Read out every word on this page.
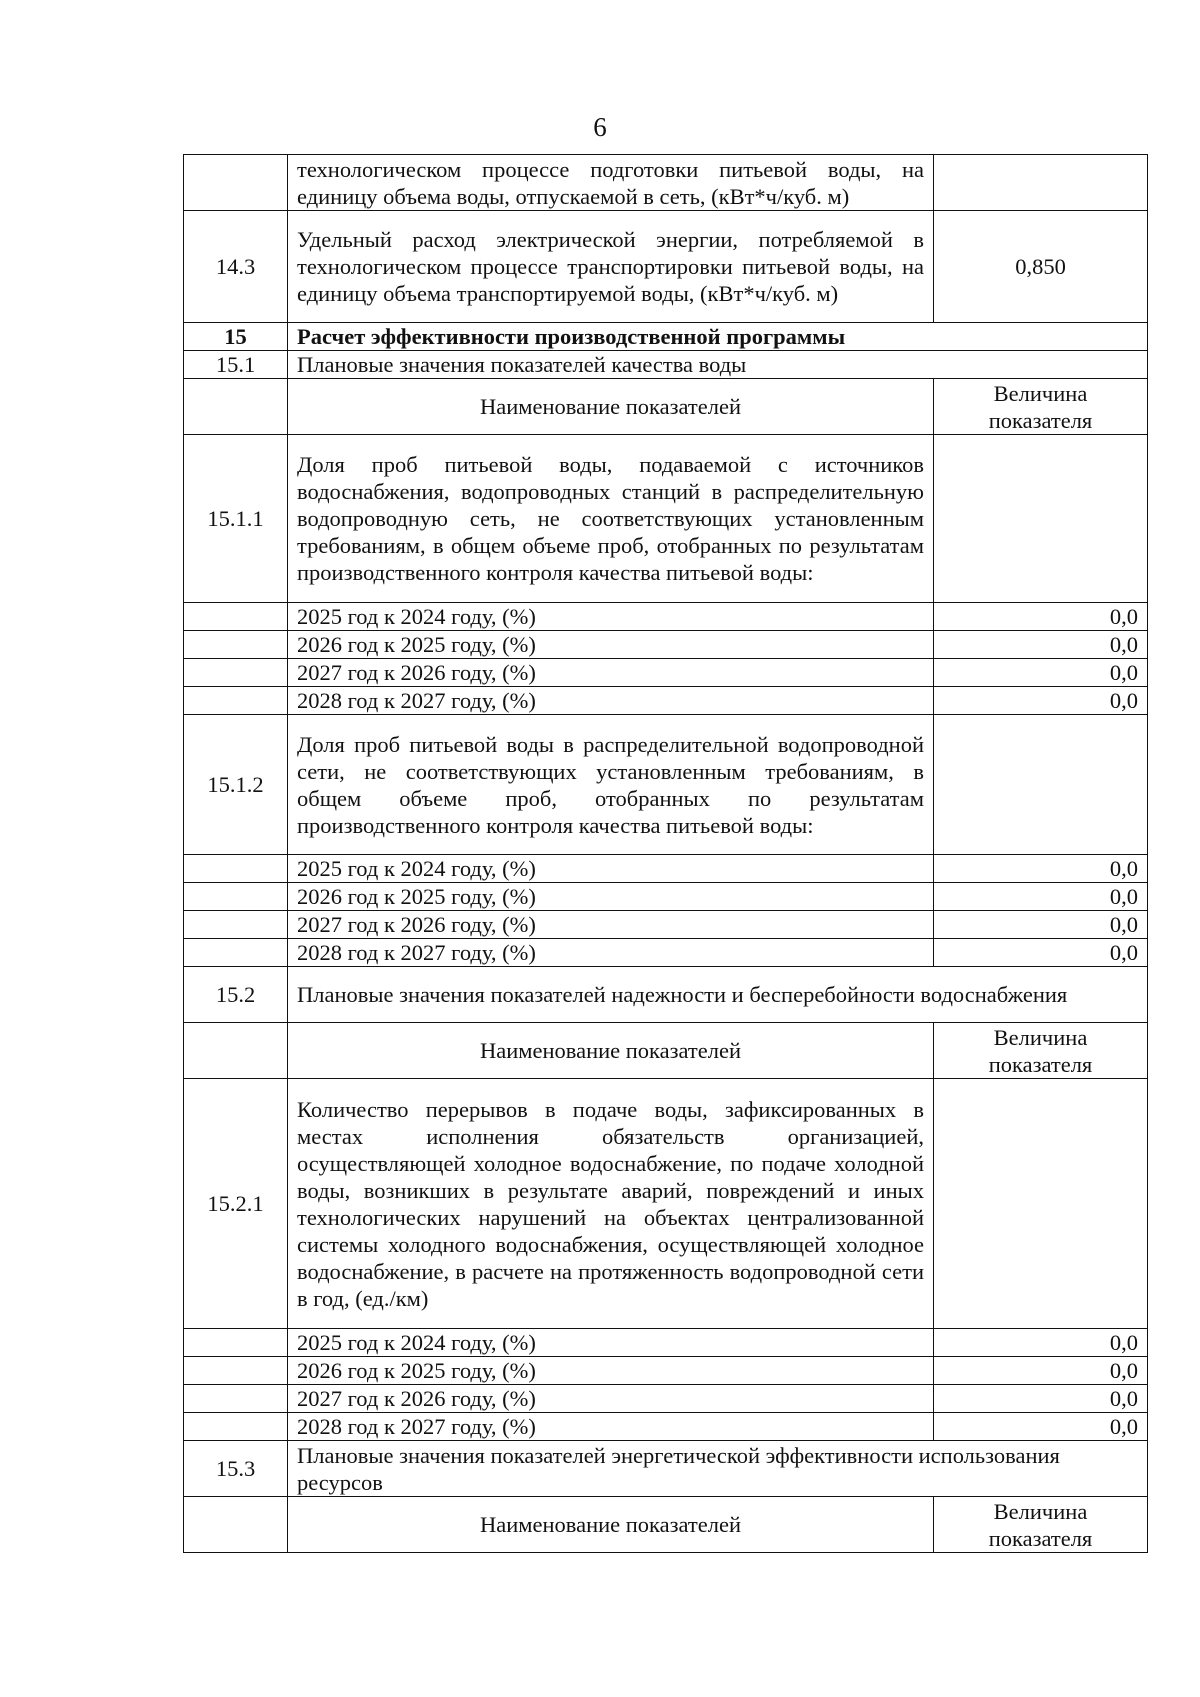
6
	технологическом процессе подготовки питьевой воды, на единицу объема воды, отпускаемой в сеть, (кВт*ч/куб. м)	
14.3	Удельный расход электрической энергии, потребляемой в технологическом процессе транспортировки питьевой воды, на единицу объема транспортируемой воды, (кВт*ч/куб. м)	0,850
15	Расчет эффективности производственной программы	
15.1	Плановые значения показателей качества воды	
	Наименование показателей	Величина показателя
15.1.1	Доля проб питьевой воды, подаваемой с источников водоснабжения, водопроводных станций в распределительную водопроводную сеть, не соответствующих установленным требованиям, в общем объеме проб, отобранных по результатам производственного контроля качества питьевой воды:	
	2025 год к 2024 году, (%)	0,0
	2026 год к 2025 году, (%)	0,0
	2027 год к 2026 году, (%)	0,0
	2028 год к 2027 году, (%)	0,0
15.1.2	Доля проб питьевой воды в распределительной водопроводной сети, не соответствующих установленным требованиям, в общем объеме проб, отобранных по результатам производственного контроля качества питьевой воды:	
	2025 год к 2024 году, (%)	0,0
	2026 год к 2025 году, (%)	0,0
	2027 год к 2026 году, (%)	0,0
	2028 год к 2027 году, (%)	0,0
15.2	Плановые значения показателей надежности и бесперебойности водоснабжения	
	Наименование показателей	Величина показателя
15.2.1	Количество перерывов в подаче воды, зафиксированных в местах исполнения обязательств организацией, осуществляющей холодное водоснабжение, по подаче холодной воды, возникших в результате аварий, повреждений и иных технологических нарушений на объектах централизованной системы холодного водоснабжения, осуществляющей холодное водоснабжение, в расчете на протяженность водопроводной сети в год, (ед./км)	
	2025 год к 2024 году, (%)	0,0
	2026 год к 2025 году, (%)	0,0
	2027 год к 2026 году, (%)	0,0
	2028 год к 2027 году, (%)	0,0
15.3	Плановые значения показателей энергетической эффективности использования ресурсов	
	Наименование показателей	Величина показателя
